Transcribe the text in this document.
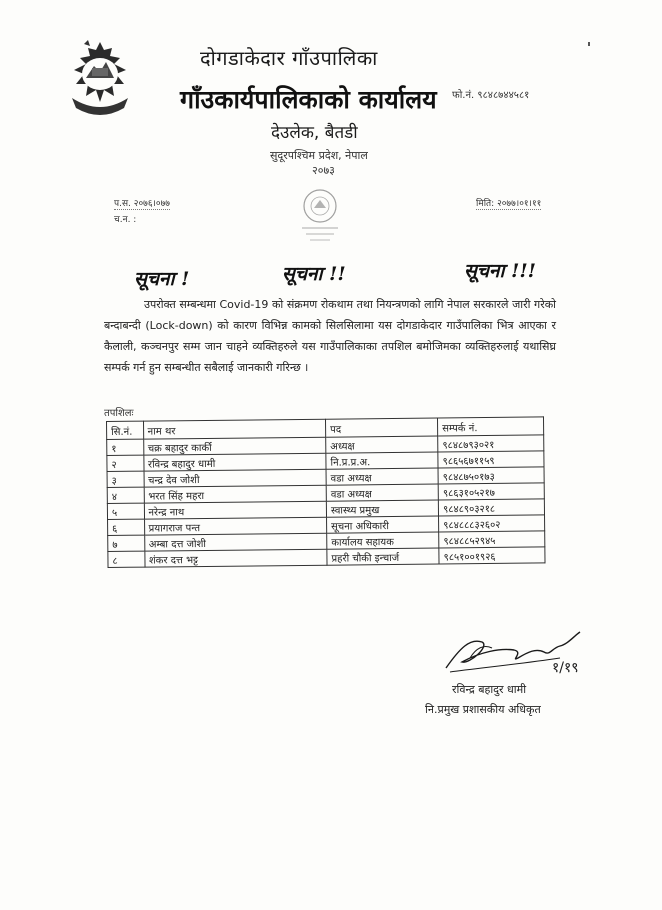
दोगडाकेदार गाँउपालिका
गाँउकार्यपालिकाको कार्यालय फो.नं. ९८४८७४४५८१
देउलेक, बैतडी
सुदूरपश्चिम प्रदेश, नेपाल
२०७३
प.स. २०७६।०७७
च.न. :
मिति: २०७७।०१।११
सूचना !	सूचना !!	सूचना !!!
उपरोक्त सम्बन्धमा Covid-19 को संक्रमण रोकथाम तथा नियन्त्रणको लागि नेपाल सरकारले जारी गरेको बन्दाबन्दी (Lock-down) को कारण विभिन्न कामको सिलसिलामा यस दोगडाकेदार गाउँपालिका भित्र आएका र कैलाली, कञ्चनपुर सम्म जान चाहने व्यक्तिहरुले यस गाउँपालिकाका तपशिल बमोजिमका व्यक्तिहरुलाई यथासिघ्र सम्पर्क गर्न हुन सम्बन्धीत सबैलाई जानकारी गरिन्छ ।
तपशिलः
सि.नं.	नाम थर	पद	सम्पर्क नं.
१	चक्र बहादुर कार्की	अध्यक्ष	९८४८७९३०२१
२	रविन्द्र बहादुर धामी	नि.प्र.प्र.अ.	९८६५६७११५९
३	चन्द्र देव जोशी	वडा अध्यक्ष	९८४८७५०१७३
४	भरत सिंह महरा	वडा अध्यक्ष	९८६३१०५२१७
५	नरेन्द्र नाथ	स्वास्थ्य प्रमुख	९८४८९०३२१८
६	प्रयागराज पन्त	सूचना अधिकारी	९८४८८८३२६०२
७	अम्बा दत्त जोशी	कार्यालय सहायक	९८४८८५२९४५
८	शंकर दत्त भट्ट	प्रहरी चौकी इन्चार्ज	९८५१००१९२६
१/१९
रविन्द्र बहादुर धामी
नि.प्रमुख प्रशासकीय अधिकृत
